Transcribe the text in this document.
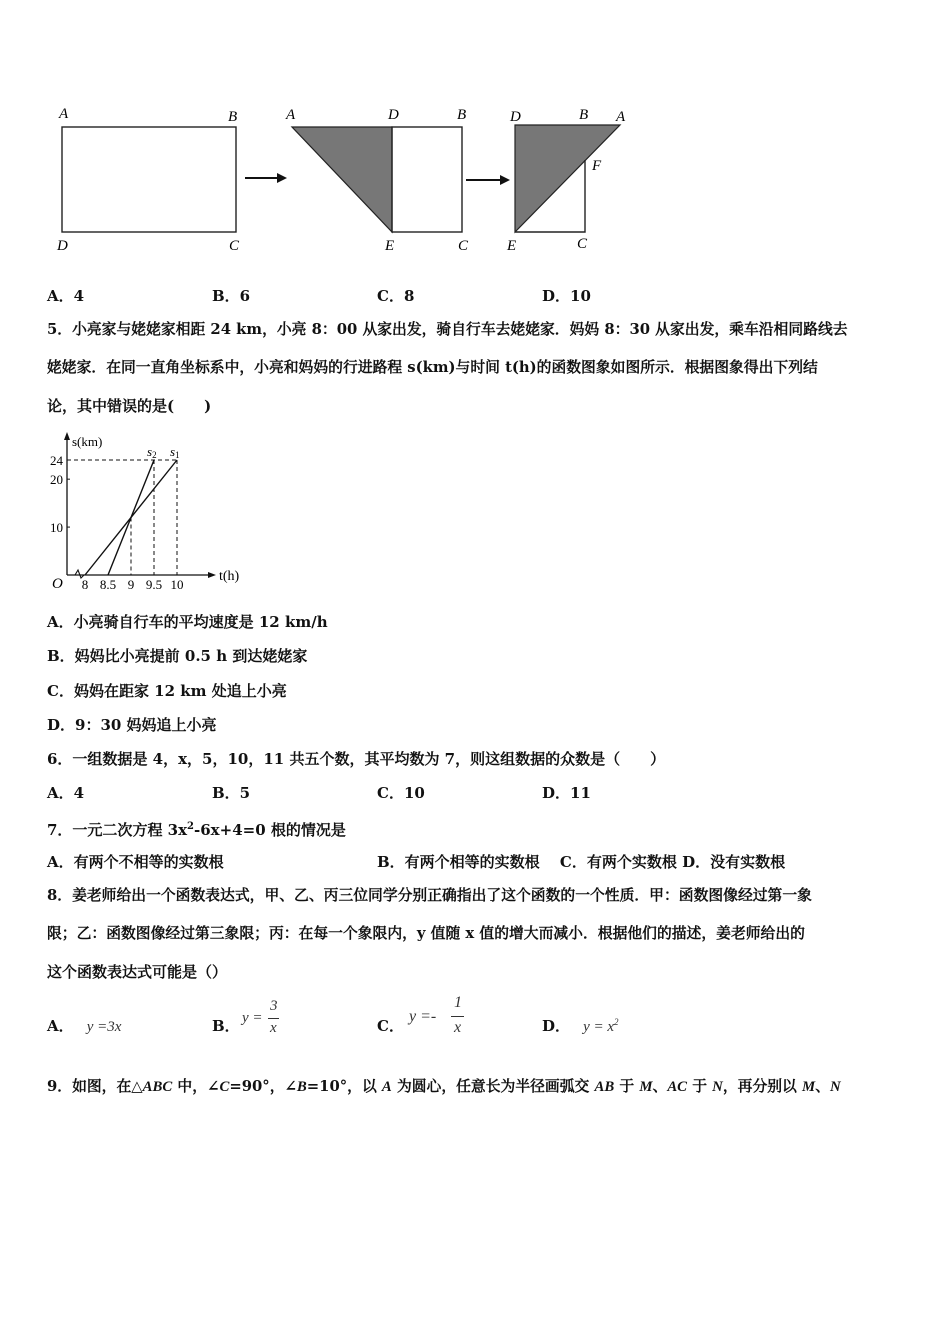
A	B
D	C
A	D	B
E	C
D	B A
F
E	C
A．4	B．6	C．8	D．10
5．小亮家与姥姥家相距 24 km，小亮 8：00 从家出发，骑自行车去姥姥家．妈妈 8：30 从家出发，乘车沿相同路线去
姥姥家．在同一直角坐标系中，小亮和妈妈的行进路程 s(km)与时间 t(h)的函数图象如图所示．根据图象得出下列结
论，其中错误的是(　　)
s(km)
t(h)
O
10
20
24
8 8.5 9 9.5 10
s1
s2
A．小亮骑自行车的平均速度是 12 km/h
B．妈妈比小亮提前 0.5 h 到达姥姥家
C．妈妈在距家 12 km 处追上小亮
D．9：30 妈妈追上小亮
6．一组数据是 4，x，5，10，11 共五个数，其平均数为 7，则这组数据的众数是（　　）
A．4	B．5	C．10	D．11
7．一元二次方程 $3x^2-6x+4=0$ 根的情况是
A．有两个不相等的实数根	B．有两个相等的实数根　 C．有两个实数根 D．没有实数根
8．姜老师给出一个函数表达式，甲、乙、丙三位同学分别正确指出了这个函数的一个性质．甲：函数图像经过第一象
限；乙：函数图像经过第三象限；丙：在每一个象限内，y 值随 x 值的增大而减小．根据他们的描述，姜老师给出的
这个函数表达式可能是（）
A． y =3x	B． y =
3
x	C．
y =-
1
x	D． $y = x^2$
9．如图，在△ABC 中，∠C=90°，∠B=10°，以 A 为圆心，任意长为半径画弧交 AB 于 M、AC 于 N，再分别以 M、N
